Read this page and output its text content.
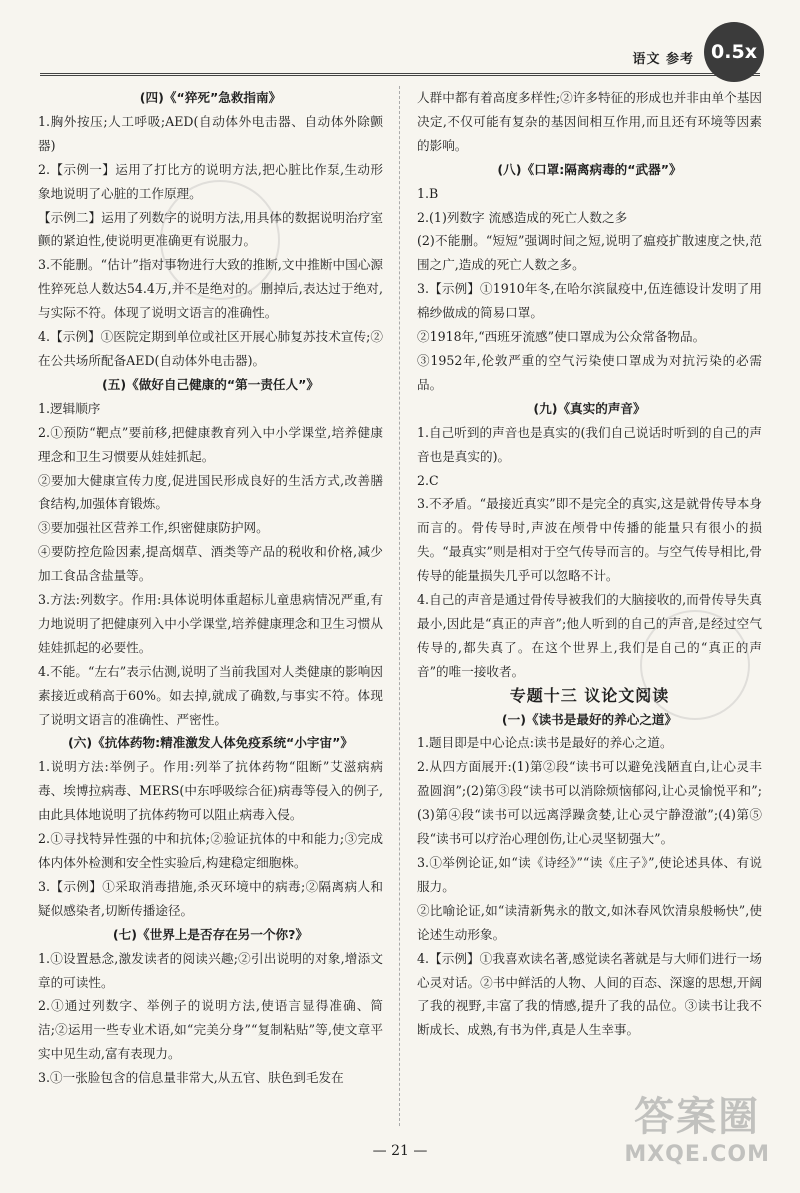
语文 参考 0.5x
(四)《“猝死”急救指南》
1.胸外按压;人工呼吸;AED(自动体外电击器、自动体外除颤器)
2.【示例一】运用了打比方的说明方法,把心脏比作泵,生动形象地说明了心脏的工作原理。
【示例二】运用了列数字的说明方法,用具体的数据说明治疗室颤的紧迫性,使说明更准确更有说服力。
3.不能删。“估计”指对事物进行大致的推断,文中推断中国心源性猝死总人数达54.4万,并不是绝对的。删掉后,表达过于绝对,与实际不符。体现了说明文语言的准确性。
4.【示例】①医院定期到单位或社区开展心肺复苏技术宣传;②在公共场所配备AED(自动体外电击器)。
(五)《做好自己健康的“第一责任人”》
1.逻辑顺序
2.①预防“靶点”要前移,把健康教育列入中小学课堂,培养健康理念和卫生习惯要从娃娃抓起。
②要加大健康宣传力度,促进国民形成良好的生活方式,改善膳食结构,加强体育锻炼。
③要加强社区营养工作,织密健康防护网。
④要防控危险因素,提高烟草、酒类等产品的税收和价格,减少加工食品含盐量等。
3.方法:列数字。作用:具体说明体重超标儿童患病情况严重,有力地说明了把健康列入中小学课堂,培养健康理念和卫生习惯从娃娃抓起的必要性。
4.不能。“左右”表示估测,说明了当前我国对人类健康的影响因素接近或稍高于60%。如去掉,就成了确数,与事实不符。体现了说明文语言的准确性、严密性。
(六)《抗体药物:精准激发人体免疫系统“小宇宙”》
1.说明方法:举例子。作用:列举了抗体药物“阻断”艾滋病病毒、埃博拉病毒、MERS(中东呼吸综合征)病毒等侵入的例子,由此具体地说明了抗体药物可以阻止病毒入侵。
2.①寻找特异性强的中和抗体;②验证抗体的中和能力;③完成体内体外检测和安全性实验后,构建稳定细胞株。
3.【示例】①采取消毒措施,杀灭环境中的病毒;②隔离病人和疑似感染者,切断传播途径。
(七)《世界上是否存在另一个你?》
1.①设置悬念,激发读者的阅读兴趣;②引出说明的对象,增添文章的可读性。
2.①通过列数字、举例子的说明方法,使语言显得准确、简洁;②运用一些专业术语,如“完美分身”“复制粘贴”等,使文章平实中见生动,富有表现力。
3.①一张脸包含的信息量非常大,从五官、肤色到毛发在
人群中都有着高度多样性;②许多特征的形成也并非由单个基因决定,不仅可能有复杂的基因间相互作用,而且还有环境等因素的影响。
(八)《口罩:隔离病毒的“武器”》
1.B
2.(1)列数字 流感造成的死亡人数之多
(2)不能删。“短短”强调时间之短,说明了瘟疫扩散速度之快,范围之广,造成的死亡人数之多。
3.【示例】①1910年冬,在哈尔滨鼠疫中,伍连德设计发明了用棉纱做成的简易口罩。
②1918年,“西班牙流感”使口罩成为公众常备物品。
③1952年,伦敦严重的空气污染使口罩成为对抗污染的必需品。
(九)《真实的声音》
1.自己听到的声音也是真实的(我们自己说话时听到的自己的声音也是真实的)。
2.C
3.不矛盾。“最接近真实”即不是完全的真实,这是就骨传导本身而言的。骨传导时,声波在颅骨中传播的能量只有很小的损失。“最真实”则是相对于空气传导而言的。与空气传导相比,骨传导的能量损失几乎可以忽略不计。
4.自己的声音是通过骨传导被我们的大脑接收的,而骨传导失真最小,因此是“真正的声音”;他人听到的自己的声音,是经过空气传导的,都失真了。在这个世界上,我们是自己的“真正的声音”的唯一接收者。
专题十三 议论文阅读
(一)《读书是最好的养心之道》
1.题目即是中心论点:读书是最好的养心之道。
2.从四方面展开:(1)第②段“读书可以避免浅陋直白,让心灵丰盈圆润”;(2)第③段“读书可以消除烦恼郁闷,让心灵愉悦平和”;(3)第④段“读书可以远离浮躁贪婪,让心灵宁静澄澈”;(4)第⑤段“读书可以疗治心理创伤,让心灵坚韧强大”。
3.①举例论证,如“读《诗经》”“读《庄子》”,使论述具体、有说服力。
②比喻论证,如“读清新隽永的散文,如沐春风饮清泉般畅快”,使论述生动形象。
4.【示例】①我喜欢读名著,感觉读名著就是与大师们进行一场心灵对话。②书中鲜活的人物、人间的百态、深邃的思想,开阔了我的视野,丰富了我的情感,提升了我的品位。③读书让我不断成长、成熟,有书为伴,真是人生幸事。
— 21 —
答案圈
MXQE.COM
